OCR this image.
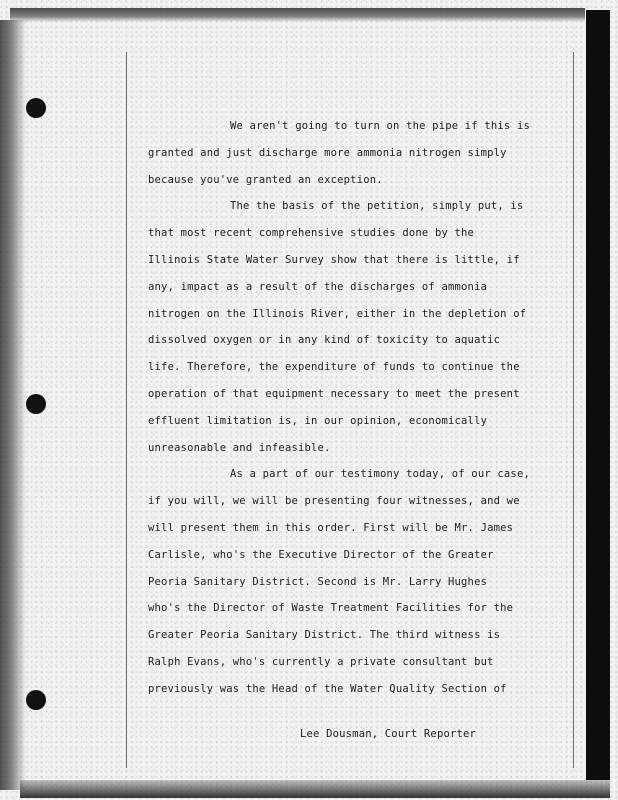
We aren't going to turn on the pipe if this is
granted and just discharge more ammonia nitrogen simply
because you've granted an exception.
The the basis of the petition, simply put, is
that most recent comprehensive studies done by the
Illinois State Water Survey show that there is little, if
any, impact as a result of the discharges of ammonia
nitrogen on the Illinois River, either in the depletion of
dissolved oxygen or in any kind of toxicity to aquatic
life. Therefore, the expenditure of funds to continue the
operation of that equipment necessary to meet the present
effluent limitation is, in our opinion, economically
unreasonable and infeasible.
As a part of our testimony today, of our case,
if you will, we will be presenting four witnesses, and we
will present them in this order. First will be Mr. James
Carlisle, who's the Executive Director of the Greater
Peoria Sanitary District. Second is Mr. Larry Hughes
who's the Director of Waste Treatment Facilities for the
Greater Peoria Sanitary District. The third witness is
Ralph Evans, who's currently a private consultant but
previously was the Head of the Water Quality Section of
Lee Dousman, Court Reporter
